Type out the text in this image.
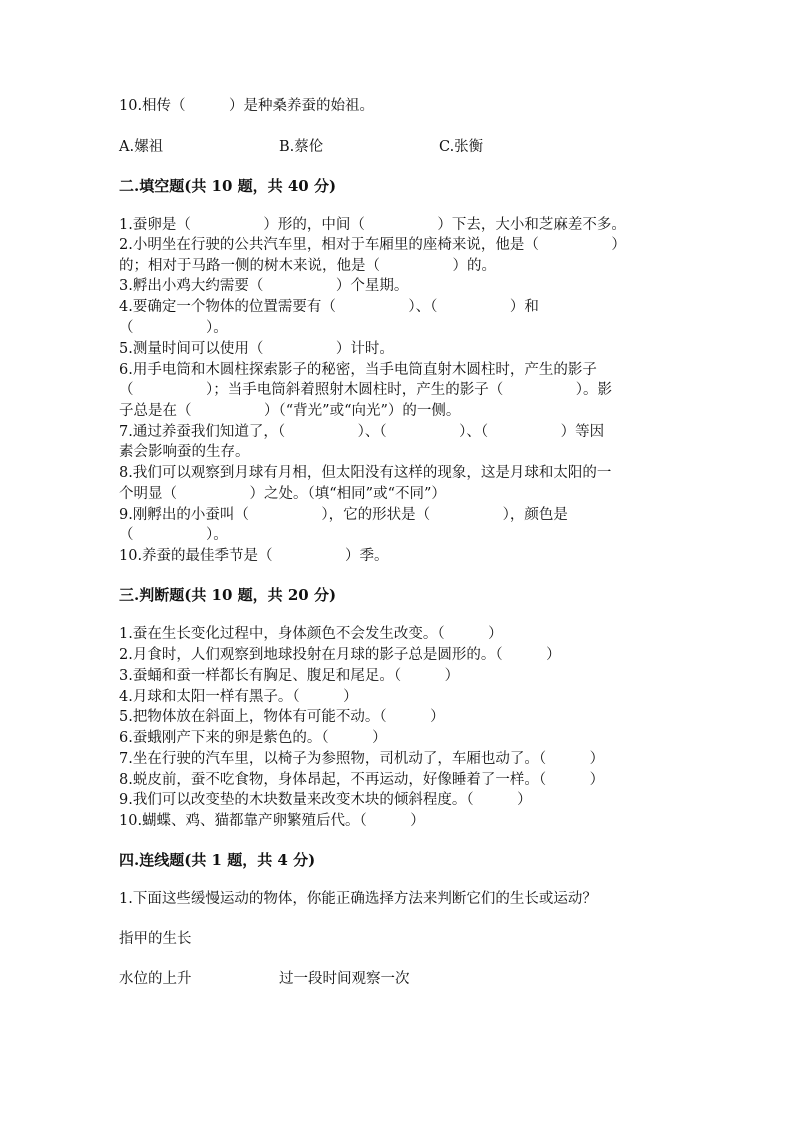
10.相传（　　　）是种桑养蚕的始祖。
A.嫘祖	B.蔡伦	C.张衡
二.填空题(共 10 题，共 40 分)
1.蚕卵是（　　　　　）形的，中间（　　　　　）下去，大小和芝麻差不多。
2.小明坐在行驶的公共汽车里，相对于车厢里的座椅来说，他是（　　　　　）
的；相对于马路一侧的树木来说，他是（　　　　　）的。
3.孵出小鸡大约需要（　　　　　）个星期。
4.要确定一个物体的位置需要有（　　　　　）、（　　　　　）和
（　　　　　）。
5.测量时间可以使用（　　　　　）计时。
6.用手电筒和木圆柱探索影子的秘密，当手电筒直射木圆柱时，产生的影子
（　　　　　）；当手电筒斜着照射木圆柱时，产生的影子（　　　　　）。影
子总是在（　　　　　）（“背光”或“向光”）的一侧。
7.通过养蚕我们知道了，（　　　　　）、（　　　　　）、（　　　　　）等因
素会影响蚕的生存。
8.我们可以观察到月球有月相，但太阳没有这样的现象，这是月球和太阳的一
个明显（　　　　　）之处。（填“相同”或“不同”）
9.刚孵出的小蚕叫（　　　　　），它的形状是（　　　　　），颜色是
（　　　　　）。
10.养蚕的最佳季节是（　　　　　）季。
三.判断题(共 10 题，共 20 分)
1.蚕在生长变化过程中，身体颜色不会发生改变。（　　　）
2.月食时，人们观察到地球投射在月球的影子总是圆形的。（　　　）
3.蚕蛹和蚕一样都长有胸足、腹足和尾足。（　　　）
4.月球和太阳一样有黑子。（　　　）
5.把物体放在斜面上，物体有可能不动。（　　　）
6.蚕蛾刚产下来的卵是紫色的。（　　　）
7.坐在行驶的汽车里，以椅子为参照物，司机动了，车厢也动了。（　　　）
8.蜕皮前，蚕不吃食物，身体昂起，不再运动，好像睡着了一样。（　　　）
9.我们可以改变垫的木块数量来改变木块的倾斜程度。（　　　）
10.蝴蝶、鸡、猫都靠产卵繁殖后代。（　　　）
四.连线题(共 1 题，共 4 分)
1.下面这些缓慢运动的物体，你能正确选择方法来判断它们的生长或运动？
指甲的生长
水位的上升	过一段时间观察一次
